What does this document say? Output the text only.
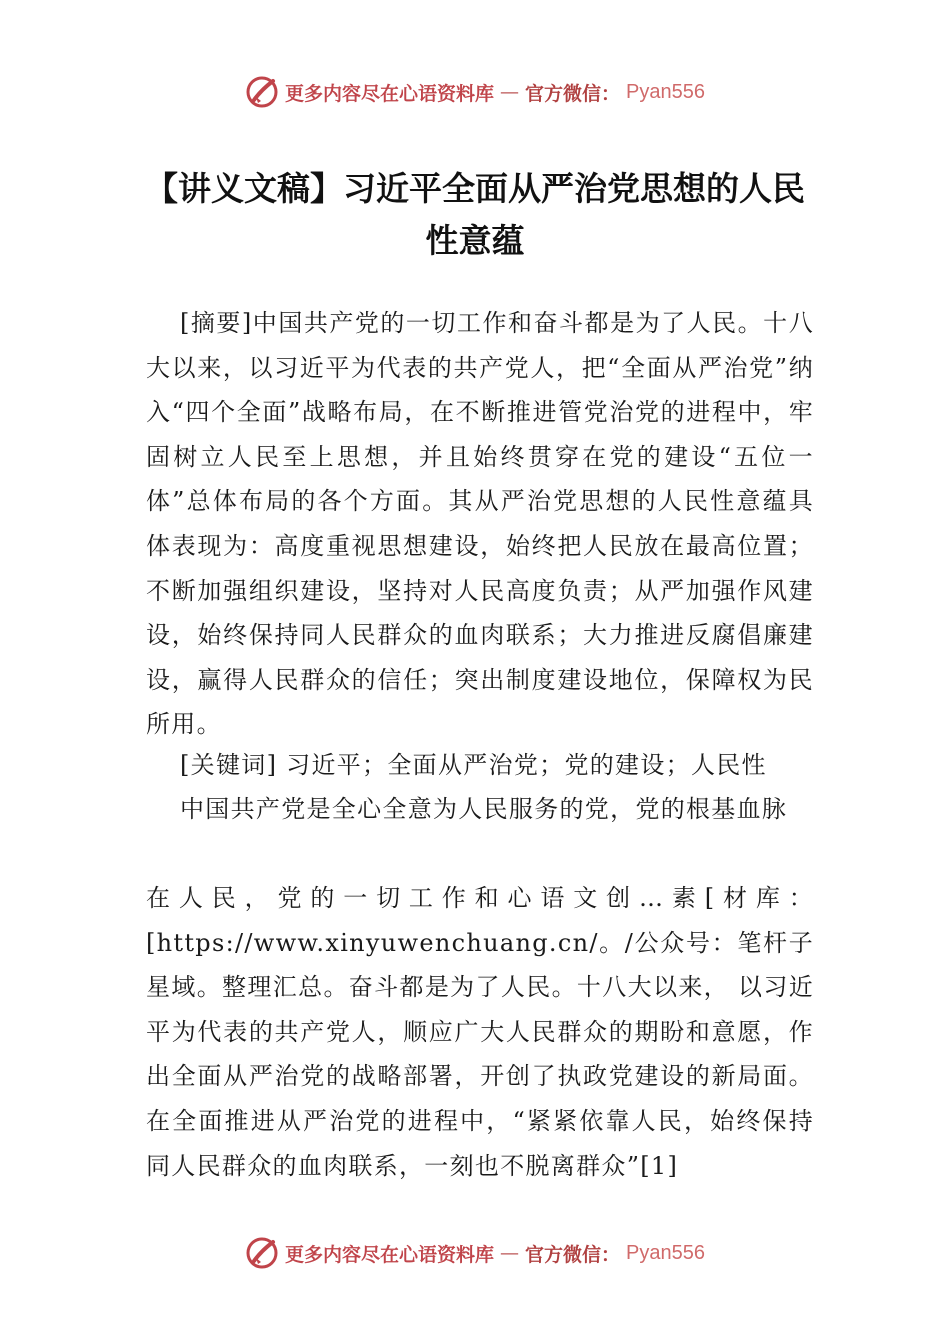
更多内容尽在心语资料库 — 官方微信： Pyan556
【讲义文稿】习近平全面从严治党思想的人民性意蕴

[摘要]中国共产党的一切工作和奋斗都是为了人民。十八大以来，以习近平为代表的共产党人，把“全面从严治党”纳入“四个全面”战略布局，在不断推进管党治党的进程中，牢固树立人民至上思想，并且始终贯穿在党的建设“五位一体”总体布局的各个方面。其从严治党思想的人民性意蕴具体表现为：高度重视思想建设，始终把人民放在最高位置；不断加强组织建设，坚持对人民高度负责；从严加强作风建设，始终保持同人民群众的血肉联系；大力推进反腐倡廉建设，赢得人民群众的信任；突出制度建设地位，保障权为民所用。

[关键词] 习近平；全面从严治党；党的建设；人民性

中国共产党是全心全意为人民服务的党，党的根基血脉

在人民，党的一切工作和心语文创…素[材库：[https://www.xinyuwenchuang.cn/。/公众号：笔杆子星域。整理汇总。奋斗都是为了人民。十八大以来， 以习近平为代表的共产党人，顺应广大人民群众的期盼和意愿，作出全面从严治党的战略部署，开创了执政党建设的新局面。在全面推进从严治党的进程中，“紧紧依靠人民，始终保持同人民群众的血肉联系，一刻也不脱离群众”[1]

更多内容尽在心语资料库 — 官方微信： Pyan556
